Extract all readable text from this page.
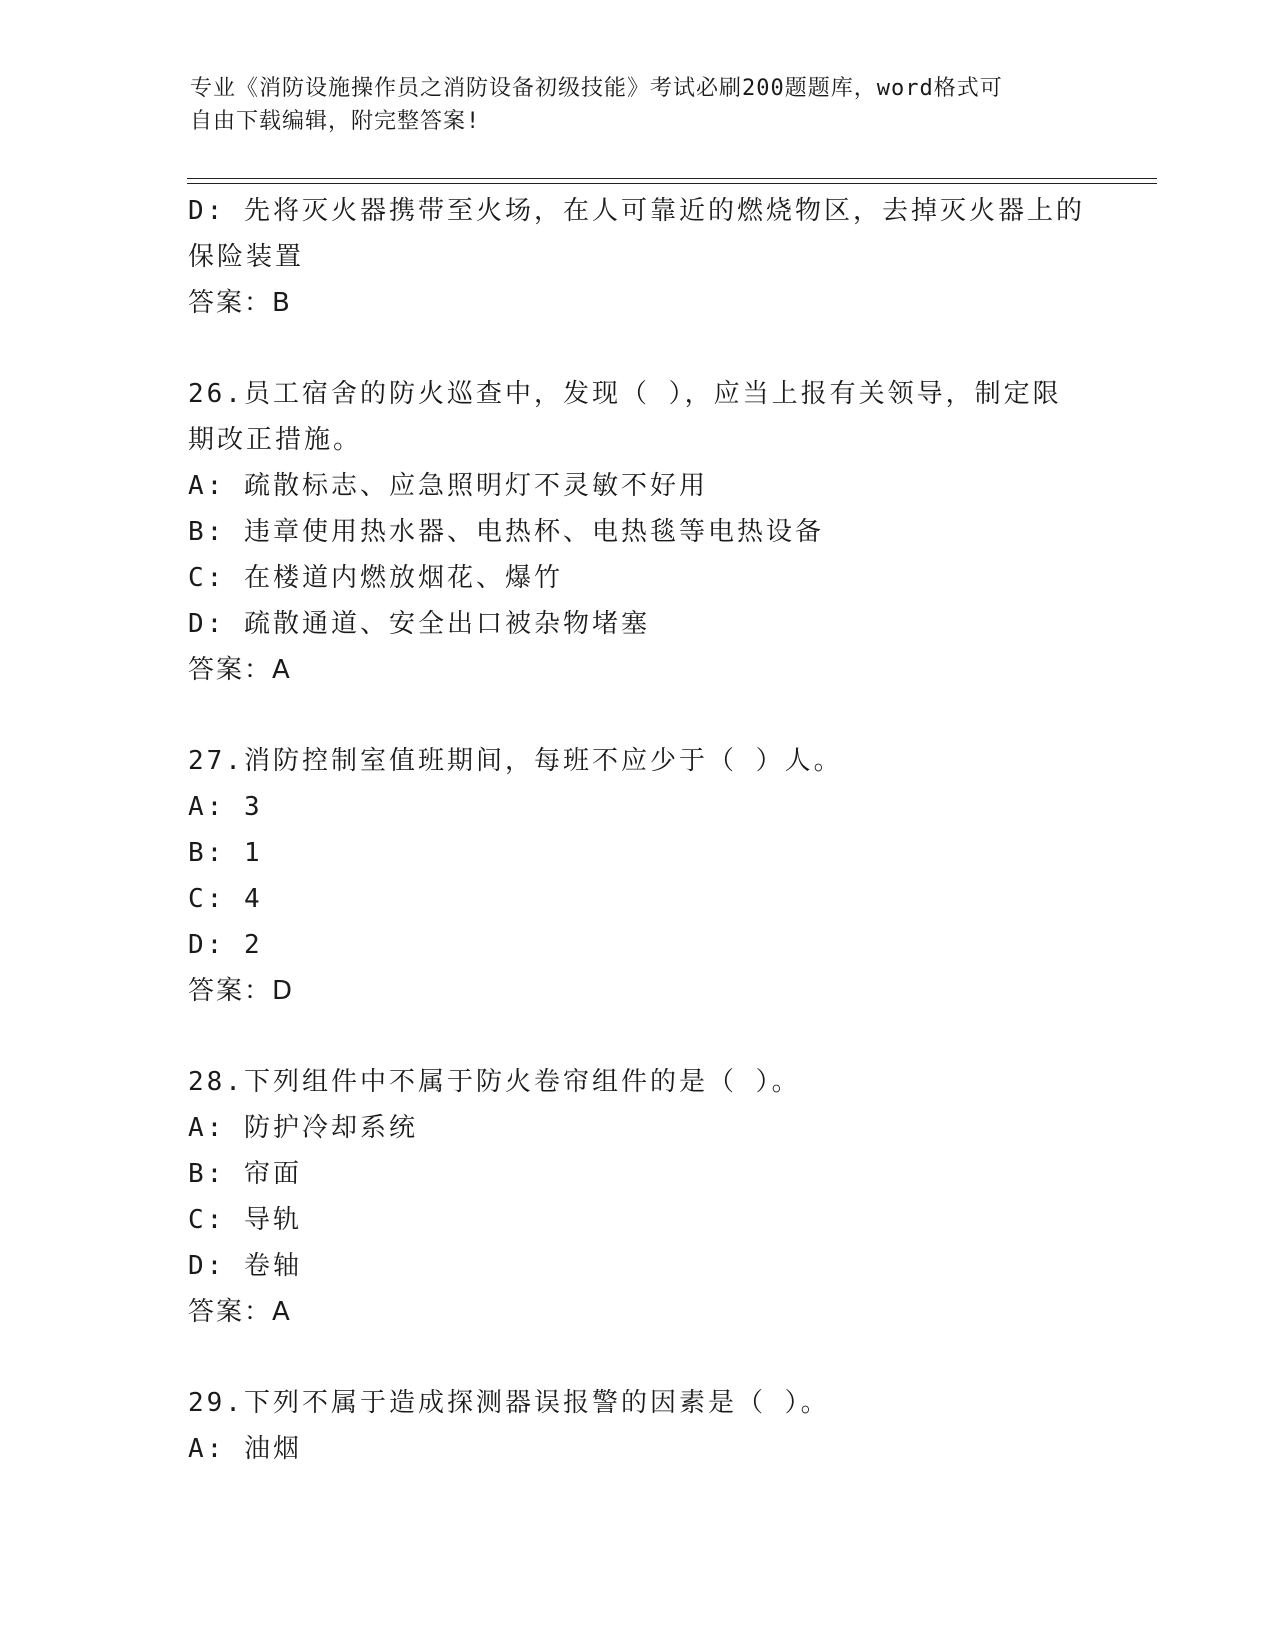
专业《消防设施操作员之消防设备初级技能》考试必刷200题题库，word格式可
自由下载编辑，附完整答案!
D: 先将灭火器携带至火场，在人可靠近的燃烧物区，去掉灭火器上的
保险装置
答案：B
26.员工宿舍的防火巡查中，发现（ ），应当上报有关领导，制定限
期改正措施。
A: 疏散标志、应急照明灯不灵敏不好用
B: 违章使用热水器、电热杯、电热毯等电热设备
C: 在楼道内燃放烟花、爆竹
D: 疏散通道、安全出口被杂物堵塞
答案：A
27.消防控制室值班期间，每班不应少于（ ）人。
A: 3
B: 1
C: 4
D: 2
答案：D
28.下列组件中不属于防火卷帘组件的是（ ）。
A: 防护冷却系统
B: 帘面
C: 导轨
D: 卷轴
答案：A
29.下列不属于造成探测器误报警的因素是（ ）。
A: 油烟
